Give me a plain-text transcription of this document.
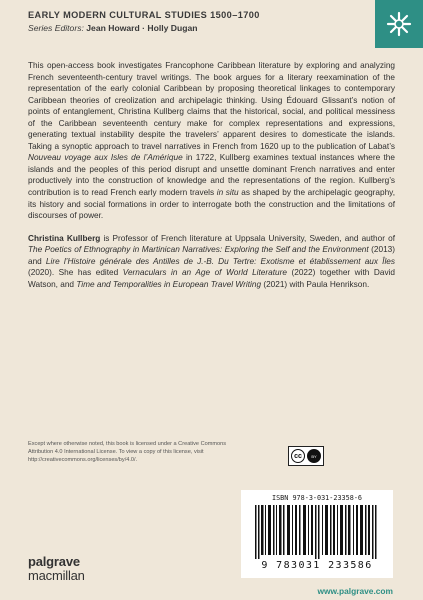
EARLY MODERN CULTURAL STUDIES 1500–1700
Series Editors: Jean Howard · Holly Dugan

This open-access book investigates Francophone Caribbean literature by exploring and analyzing French seventeenth-century travel writings. The book argues for a literary reexamination of the representation of the early colonial Caribbean by proposing theoretical linkages to contemporary Caribbean theories of creolization and archipelagic thinking. Using Édouard Glissant’s notion of points of entanglement, Christina Kullberg claims that the historical, social, and political messiness of the Caribbean seventeenth century make for complex representations and expressions, generating textual instability despite the travelers’ apparent desires to domesticate the islands. Taking a synoptic approach to travel narratives in French from 1620 up to the publication of Labat’s Nouveau voyage aux Isles de l’Amérique in 1722, Kullberg examines textual instances where the islands and the peoples of this period disrupt and unsettle dominant French narratives and enter productively into the construction of knowledge and the representations of the region. Kullberg’s contribution is to read French early modern travels in situ as shaped by the archipelagic geography, its history and social formations in order to interrogate both the construction and the limitations of discourses of power.

Christina Kullberg is Professor of French literature at Uppsala University, Sweden, and author of The Poetics of Ethnography in Martinican Narratives: Exploring the Self and the Environment (2013) and Lire l’Histoire générale des Antilles de J.-B. Du Tertre: Exotisme et établissement aux Îles (2020). She has edited Vernaculars in an Age of World Literature (2022) together with David Watson, and Time and Temporalities in European Travel Writing (2021) with Paula Henrikson.

Except where otherwise noted, this book is licensed under a Creative Commons Attribution 4.0 International License. To view a copy of this license, visit http://creativecommons.org/licenses/by/4.0/.
cc	BY
ISBN 978-3-031-23358-6
9 783031 233586
palgrave
macmillan
www.palgrave.com
